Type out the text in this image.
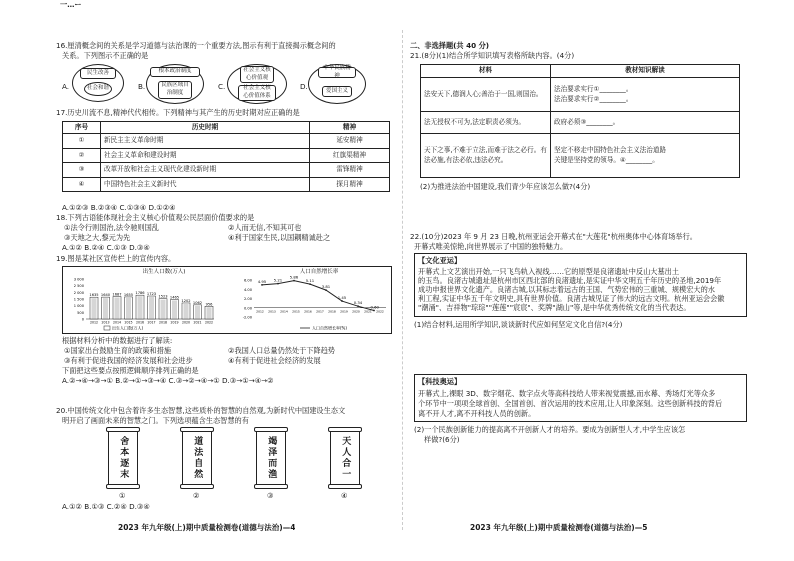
一…ー

16.厘清概念间的关系是学习道德与法治课的一个重要方法,图示有利于直接揭示概念间的

关系。下列图示不正确的是

A.
民生改善
社会和谐	B.
根本政治制度
民族区域自治制度
C.
社会主义核心价值观
社会主义核心价值体系
D.
中华民族精神
爱国主义

17.历史川流不息,精神代代相传。下列精神与其产生的历史时期对应正确的是

序号	历史时期	精神
①	新民主主义革命时期	延安精神
②	社会主义革命和建设时期	红旗渠精神
③	改革开放和社会主义现代化建设新时期	雷锋精神
④	中国特色社会主义新时代	探月精神

A.①②③ B.②③④ C.①③④ D.①②④

18.下列古语能体现社会主义核心价值观公民层面价值要求的是

①法令行则国治,法令驰则国乱	②人而无信,不知其可也

③天地之大,黎元为先	④利于国家生民,以国耦精诚赴之

A.①② B.②④ C.①③ D.③④

19.图是某社区宣传栏上的宣传内容。

出生人口数(万人)
3 000
2 500
2 000
1 500
1 000
500
0
1635
2012
1640
2013
1687
2014
1655
2015
1786
2016
1723
2017
1523
2018
1465
2019
1202
2020
1062
2021
956
2022
出生人口数(万人)
人口自然增长率
6.00
4.00
2.00
0.00
-2.00
4.95 5.21
5.86
5.11
3.81
1.45
0.34
-0.60
2012 2013 2014 2015 2016 2017 2018 2019 2020 2021 2022
人口自然增长率(%)

根据材料分析中的数据进行了解读:

①国家出台鼓励生育的政策和措施	②我国人口总量仍然处于下降趋势

③有利于促进我国的经济发展和社会进步	④有利于促进社会经济的发展

下面把这些要点按照逻辑顺序排列正确的是

A.②→④→③→① B.②→①→③→④ C.③→②→④→① D.③→①→④→②

20.中国传统文化中包含着许多生态智慧,这些质朴的智慧的自然观,为新时代中国建设生态文

明开启了画面未来的智慧之门。下列选项蕴含生态智慧的有

舍本逐末	道法自然	竭泽而渔	天人合一
①	②	③	④

A.①② B.①③ C.②④ D.③④

2023 年九年级(上)期中质量检测卷(道德与法治)—4

二、非选择题(共 40 分)

21.(8分)(1)结合所学知识填写表格所缺内容。(4分)

材料	教材知识解读
法安天下,德润人心;善治于一国,则国治。	法治要求实行①________。
法治要求实行②________。
法无授权不可为,法定职责必须为。	政府必须③________。
天下之事,不难于立法,而难于法之必行。有法必施,有法必依,违法必究。	坚定不移走中国特色社会主义法治道路
关键是坚持党的领导。④________。

(2)为推进法治中国建设,我们青少年应该怎么做?(4分)

22.(10分)2023 年 9 月 23 日晚,杭州亚运会开幕式在"大莲花"杭州奥体中心体育场举行。

开幕式唯美惊艳,向世界展示了中国的独特魅力。

【文化亚运】

开幕式上文艺演出开始,一只飞鸟轨入视线……它的原型是良渚遗址中反山大墓出土

的玉鸟。良渚古城遗址是杭州市区西北部的良渚遗址,是实证中华文明五千年历史的圣地,2019年

成功申报世界文化遗产。良渚古城,以其标志着远古的王国、气势宏伟的三重城、规模宏大的水

利工程,实证中华五千年文明史,具有世界价值。良渚古城见证了伟大的远古文明。杭州亚运会会徽

"潮涌"、吉祥物"琮琮""莲莲""宸宸"、奖牌"湖山"等,是中华优秀传统文化的当代表达。

(1)结合材料,运用所学知识,谈谈新时代应如何坚定文化自信?(4分)

【科技奥运】

开幕式上,裸眼 3D、数字烟花、数字点火等高科技给人带来视觉震撼,而水幕、秀场灯光等众多

个环节中一项项全球首创、全国首创、首次运用的技术应用,让人印象深刻。这些创新科技的背后

离不开人才,离不开科技人员的创新。

(2)一个民族创新能力的提高离不开创新人才的培养。要成为创新型人才,中学生应该怎

样做?(6分)

2023 年九年级(上)期中质量检测卷(道德与法治)—5
